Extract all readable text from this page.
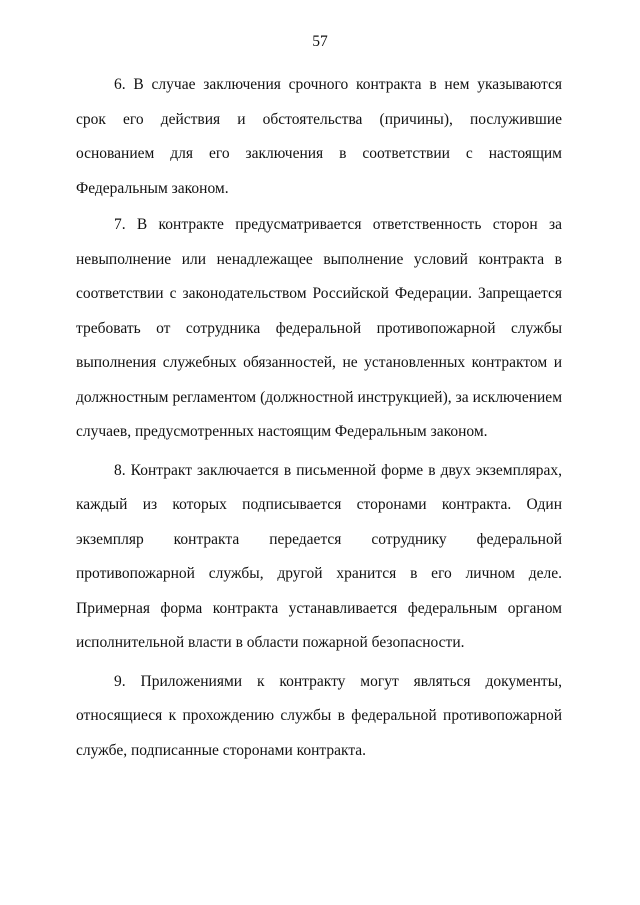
57

6. В случае заключения срочного контракта в нем указываются срок его действия и обстоятельства (причины), послужившие основанием для его заключения в соответствии с настоящим Федеральным законом.

7. В контракте предусматривается ответственность сторон за невыполнение или ненадлежащее выполнение условий контракта в соответствии с законодательством Российской Федерации. Запрещается требовать от сотрудника федеральной противопожарной службы выполнения служебных обязанностей, не установленных контрактом и должностным регламентом (должностной инструкцией), за исключением случаев, предусмотренных настоящим Федеральным законом.

8. Контракт заключается в письменной форме в двух экземплярах, каждый из которых подписывается сторонами контракта. Один экземпляр контракта передается сотруднику федеральной противопожарной службы, другой хранится в его личном деле. Примерная форма контракта устанавливается федеральным органом исполнительной власти в области пожарной безопасности.

9. Приложениями к контракту могут являться документы, относящиеся к прохождению службы в федеральной противопожарной службе, подписанные сторонами контракта.
